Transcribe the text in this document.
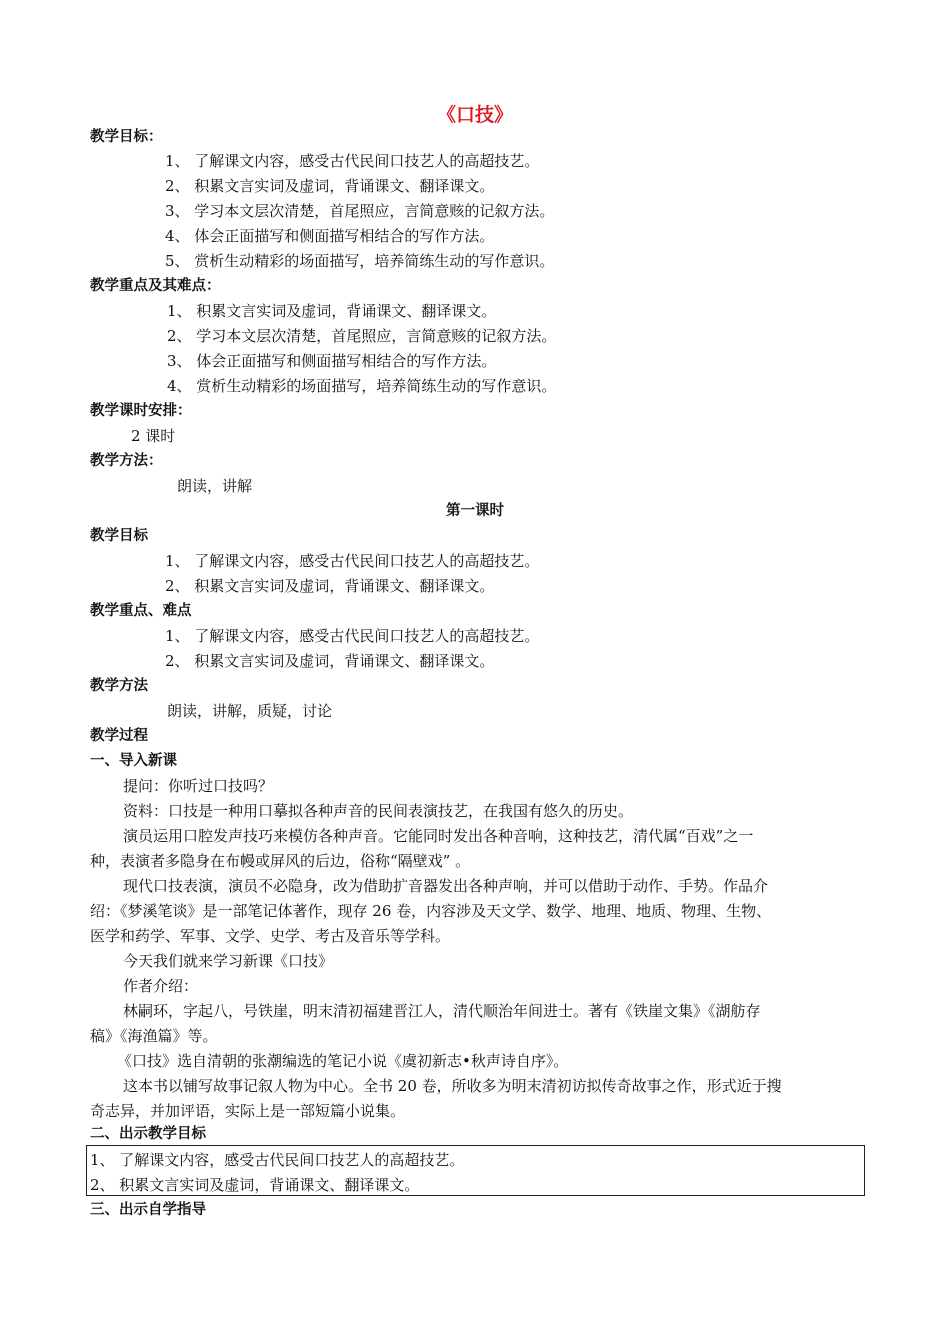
《口技》
教学目标：
1、 了解课文内容，感受古代民间口技艺人的高超技艺。
2、 积累文言实词及虚词，背诵课文、翻译课文。
3、 学习本文层次清楚，首尾照应，言简意赅的记叙方法。
4、 体会正面描写和侧面描写相结合的写作方法。
5、 赏析生动精彩的场面描写，培养简练生动的写作意识。
教学重点及其难点：
1、 积累文言实词及虚词，背诵课文、翻译课文。
2、 学习本文层次清楚，首尾照应，言简意赅的记叙方法。
3、 体会正面描写和侧面描写相结合的写作方法。
4、 赏析生动精彩的场面描写，培养简练生动的写作意识。
教学课时安排：
2 课时
教学方法：
朗读，讲解
第一课时
教学目标
1、 了解课文内容，感受古代民间口技艺人的高超技艺。
2、 积累文言实词及虚词，背诵课文、翻译课文。
教学重点、难点
1、 了解课文内容，感受古代民间口技艺人的高超技艺。
2、 积累文言实词及虚词，背诵课文、翻译课文。
教学方法
朗读，讲解，质疑，讨论
教学过程
一、导入新课
提问：你听过口技吗？
资料：口技是一种用口摹拟各种声音的民间表演技艺，在我国有悠久的历史。
演员运用口腔发声技巧来模仿各种声音。它能同时发出各种音响，这种技艺，清代属“百戏”之一
种，表演者多隐身在布幔或屏风的后边，俗称“隔壁戏” 。
现代口技表演，演员不必隐身，改为借助扩音器发出各种声响，并可以借助于动作、手势。作品介
绍：《梦溪笔谈》是一部笔记体著作，现存 26 卷，内容涉及天文学、数学、地理、地质、物理、生物、
医学和药学、军事、文学、史学、考古及音乐等学科。
今天我们就来学习新课《口技》
作者介绍：
林嗣环，字起八，号铁崖，明末清初福建晋江人，清代顺治年间进士。著有《铁崖文集》《湖舫存
稿》《海渔篇》等。
《口技》选自清朝的张潮编选的笔记小说《虞初新志•秋声诗自序》。
这本书以铺写故事记叙人物为中心。全书 20 卷，所收多为明末清初访拟传奇故事之作，形式近于搜
奇志异，并加评语，实际上是一部短篇小说集。
二、出示教学目标
1、 了解课文内容，感受古代民间口技艺人的高超技艺。
2、 积累文言实词及虚词，背诵课文、翻译课文。
三、出示自学指导
